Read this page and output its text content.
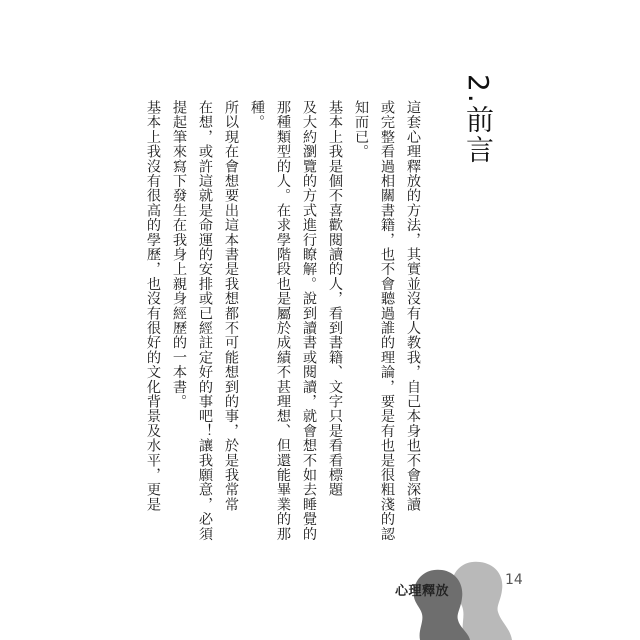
2.前言
這套心理釋放的方法，其實並沒有人教我，自己本身也不會深讀
或完整看過相關書籍，也不會聽過誰的理論，要是有也是很粗淺的認
知而已。
基本上我是個不喜歡閱讀的人，看到書籍、文字只是看看標題
及大約瀏覽的方式進行瞭解。說到讀書或閱讀，就會想不如去睡覺的
那種類型的人。在求學階段也是屬於成績不甚理想、但還能畢業的那
種。
所以現在會想要出這本書是我想都不可能想到的事，於是我常常
在想，或許這就是命運的安排或已經註定好的事吧！讓我願意，必須
提起筆來寫下發生在我身上親身經歷的一本書。
基本上我沒有很高的學歷，也沒有很好的文化背景及水平，更是
心理釋放
14
